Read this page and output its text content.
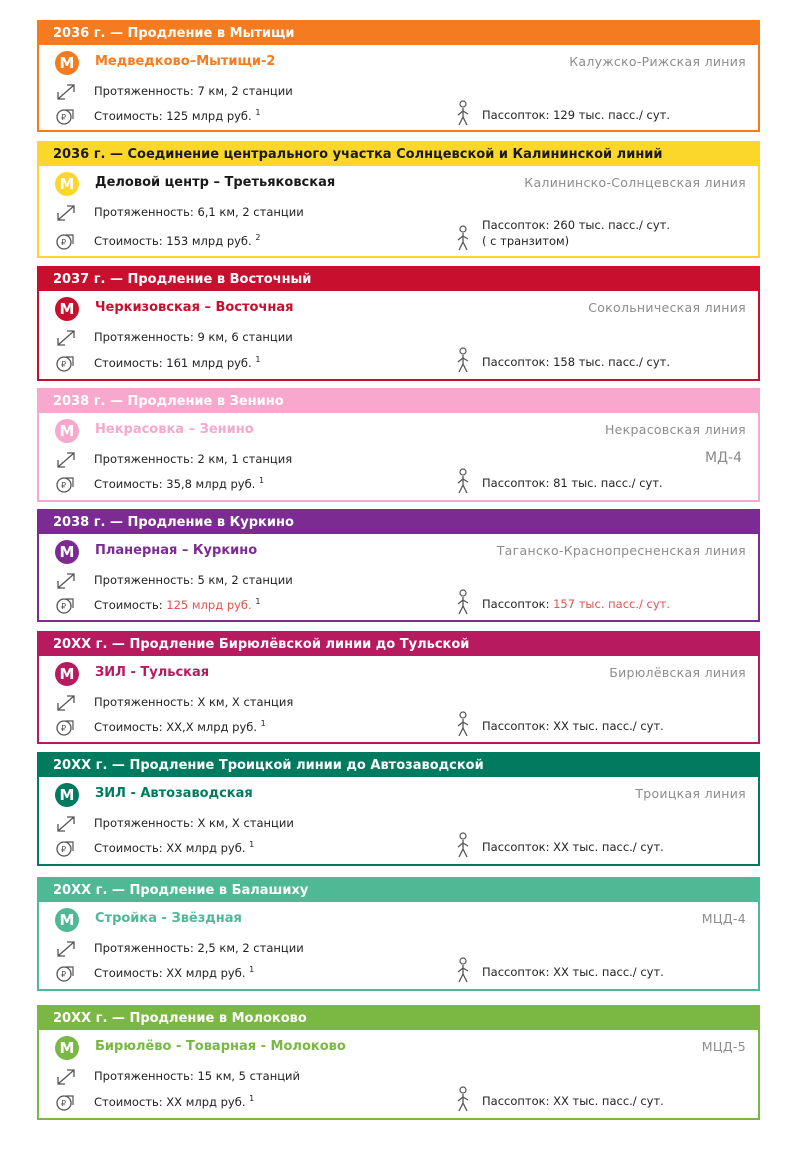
2036 г. — Продление в Мытищи
M	Медведково–Мытищи-2	Калужско-Рижская линия
Протяженность: 7 км, 2 станции
₽ Стоимость: 125 млрд руб. $^1$	Пассопток: 129 тыс. пасс./ сут.
2036 г. — Соединение центрального участка Солнцевской и Калининской линий
M	Деловой центр – Третьяковская	Калининско-Солнцевская линия
Протяженность: 6,1 км, 2 станции
₽ Стоимость: 153 млрд руб. $^2$
Пассопток: 260 тыс. пасс./ сут.
( с транзитом)
2037 г. — Продление в Восточный
M	Черкизовская – Восточная	Сокольническая линия
Протяженность: 9 км, 6 станции
₽ Стоимость: 161 млрд руб. $^1$	Пассопток: 158 тыс. пасс./ сут.
2038 г. — Продление в Зенино
M	Некрасовка – Зенино	Некрасовская линия
МД-4
Протяженность: 2 км, 1 станция
₽ Стоимость: 35,8 млрд руб. $^1$	Пассопток: 81 тыс. пасс./ сут.
2038 г. — Продление в Куркино
M	Планерная – Куркино	Таганско-Краснопресненская линия
Протяженность: 5 км, 2 станции
₽ Стоимость: 125 млрд руб. $^1$	Пассопток: 157 тыс. пасс./ сут.
20ХХ г. — Продление Бирюлёвской линии до Тульской
M	ЗИЛ - Тульская	Бирюлёвская линия
Протяженность: Х км, Х станция
₽ Стоимость: ХХ,Х млрд руб. $^1$	Пассопток: ХХ тыс. пасс./ сут.
20ХХ г. — Продление Троицкой линии до Автозаводской
M	ЗИЛ - Автозаводская	Троицкая линия
Протяженность: Х км, Х станции
₽ Стоимость: ХХ млрд руб. $^1$	Пассопток: ХХ тыс. пасс./ сут.
20ХХ г. — Продление в Балашиху
M	Стройка - Звёздная	МЦД-4
Протяженность: 2,5 км, 2 станции
₽ Стоимость: ХХ млрд руб. $^1$	Пассопток: ХХ тыс. пасс./ сут.
20ХХ г. — Продление в Молоково
M	Бирюлёво - Товарная - Молоково	МЦД-5
Протяженность: 15 км, 5 станций
₽ Стоимость: ХХ млрд руб. $^1$	Пассопток: ХХ тыс. пасс./ сут.
